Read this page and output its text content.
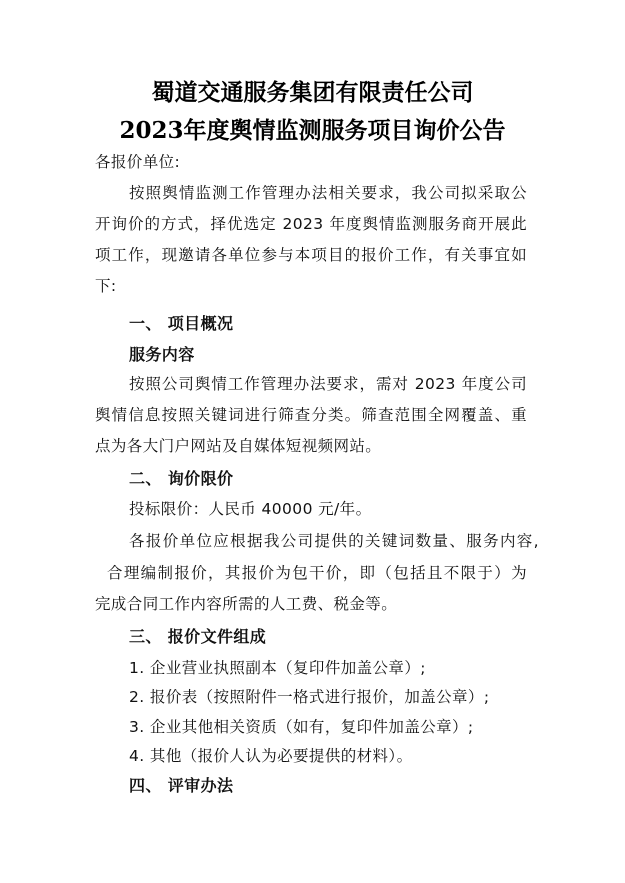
蜀道交通服务集团有限责任公司
2023年度舆情监测服务项目询价公告
各报价单位:
按照舆情监测工作管理办法相关要求，我公司拟采取公
开询价的方式，择优选定 2023 年度舆情监测服务商开展此
项工作，现邀请各单位参与本项目的报价工作，有关事宜如
下:
一、 项目概况
服务内容
按照公司舆情工作管理办法要求，需对 2023 年度公司
舆情信息按照关键词进行筛查分类。筛查范围全网覆盖、重
点为各大门户网站及自媒体短视频网站。
二、 询价限价
投标限价：人民币 40000 元/年。
各报价单位应根据我公司提供的关键词数量、服务内容,
合理编制报价，其报价为包干价，即（包括且不限于）为
完成合同工作内容所需的人工费、税金等。
三、 报价文件组成
1. 企业营业执照副本（复印件加盖公章）;
2. 报价表（按照附件一格式进行报价，加盖公章）;
3. 企业其他相关资质（如有，复印件加盖公章）;
4. 其他（报价人认为必要提供的材料）。
四、 评审办法
